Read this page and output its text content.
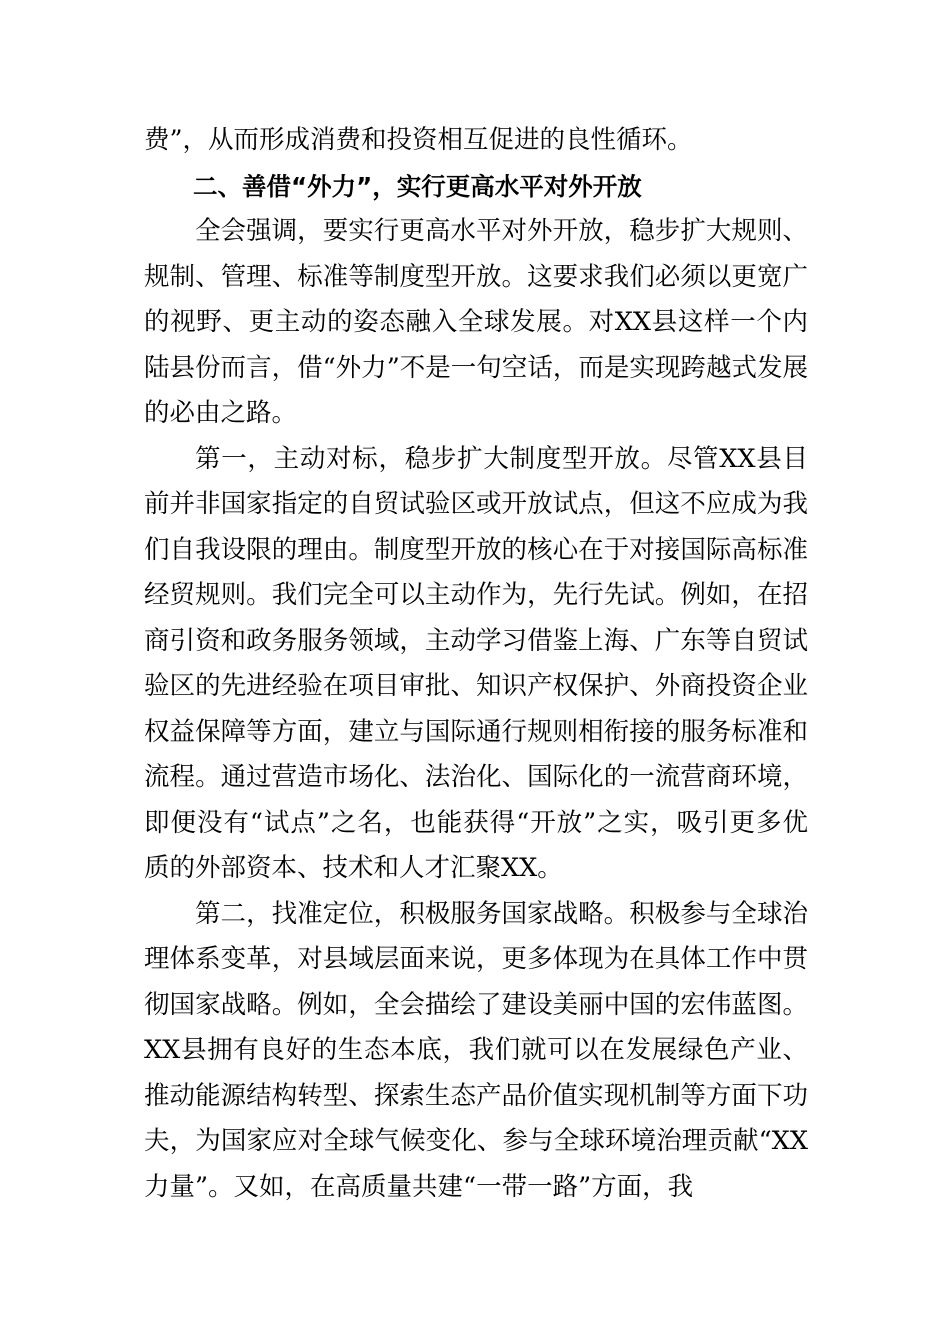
费”，从而形成消费和投资相互促进的良性循环。

二、善借“外力”，实行更高水平对外开放

全会强调，要实行更高水平对外开放，稳步扩大规则、规制、管理、标准等制度型开放。这要求我们必须以更宽广的视野、更主动的姿态融入全球发展。对XX县这样一个内陆县份而言，借“外力”不是一句空话，而是实现跨越式发展的必由之路。

第一，主动对标，稳步扩大制度型开放。尽管XX县目前并非国家指定的自贸试验区或开放试点，但这不应成为我们自我设限的理由。制度型开放的核心在于对接国际高标准经贸规则。我们完全可以主动作为，先行先试。例如，在招商引资和政务服务领域，主动学习借鉴上海、广东等自贸试验区的先进经验在项目审批、知识产权保护、外商投资企业权益保障等方面，建立与国际通行规则相衔接的服务标准和流程。通过营造市场化、法治化、国际化的一流营商环境，即便没有“试点”之名，也能获得“开放”之实，吸引更多优质的外部资本、技术和人才汇聚XX。

第二，找准定位，积极服务国家战略。积极参与全球治理体系变革，对县域层面来说，更多体现为在具体工作中贯彻国家战略。例如，全会描绘了建设美丽中国的宏伟蓝图。XX县拥有良好的生态本底，我们就可以在发展绿色产业、推动能源结构转型、探索生态产品价值实现机制等方面下功夫，为国家应对全球气候变化、参与全球环境治理贡献“XX力量”。又如，在高质量共建“一带一路”方面，我
